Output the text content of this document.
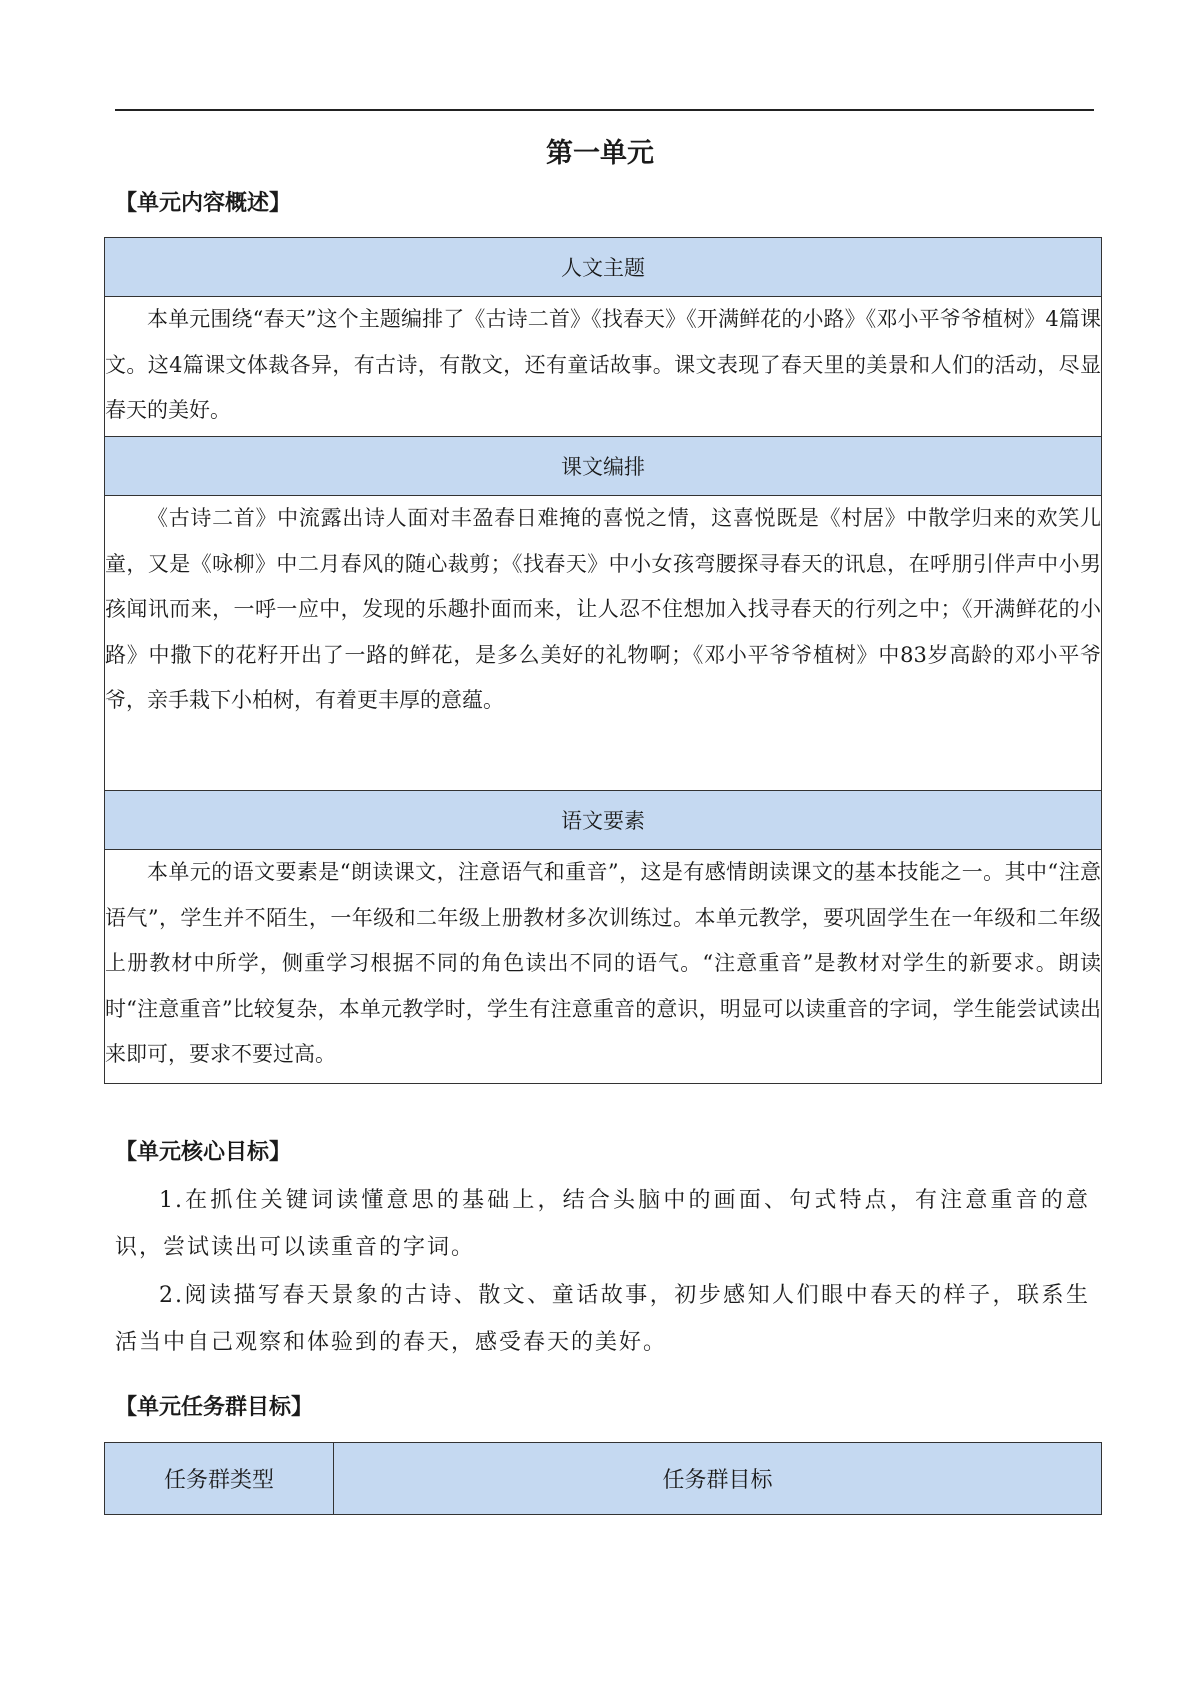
第一单元
【单元内容概述】
人文主题
本单元围绕“春天”这个主题编排了《古诗二首》《找春天》《开满鲜花的小路》《邓小平爷爷植树》4篇课文。这4篇课文体裁各异，有古诗，有散文，还有童话故事。课文表现了春天里的美景和人们的活动，尽显春天的美好。
课文编排
《古诗二首》中流露出诗人面对丰盈春日难掩的喜悦之情，这喜悦既是《村居》中散学归来的欢笑儿童，又是《咏柳》中二月春风的随心裁剪；《找春天》中小女孩弯腰探寻春天的讯息，在呼朋引伴声中小男孩闻讯而来，一呼一应中，发现的乐趣扑面而来，让人忍不住想加入找寻春天的行列之中；《开满鲜花的小路》中撒下的花籽开出了一路的鲜花，是多么美好的礼物啊；《邓小平爷爷植树》中83岁高龄的邓小平爷爷，亲手栽下小柏树，有着更丰厚的意蕴。
语文要素
本单元的语文要素是“朗读课文，注意语气和重音”，这是有感情朗读课文的基本技能之一。其中“注意语气”，学生并不陌生，一年级和二年级上册教材多次训练过。本单元教学，要巩固学生在一年级和二年级上册教材中所学，侧重学习根据不同的角色读出不同的语气。“注意重音”是教材对学生的新要求。朗读时“注意重音”比较复杂，本单元教学时，学生有注意重音的意识，明显可以读重音的字词，学生能尝试读出来即可，要求不要过高。
【单元核心目标】
1.在抓住关键词读懂意思的基础上，结合头脑中的画面、句式特点，有注意重音的意识，尝试读出可以读重音的字词。
2.阅读描写春天景象的古诗、散文、童话故事，初步感知人们眼中春天的样子，联系生活当中自己观察和体验到的春天，感受春天的美好。
【单元任务群目标】
任务群类型	任务群目标
